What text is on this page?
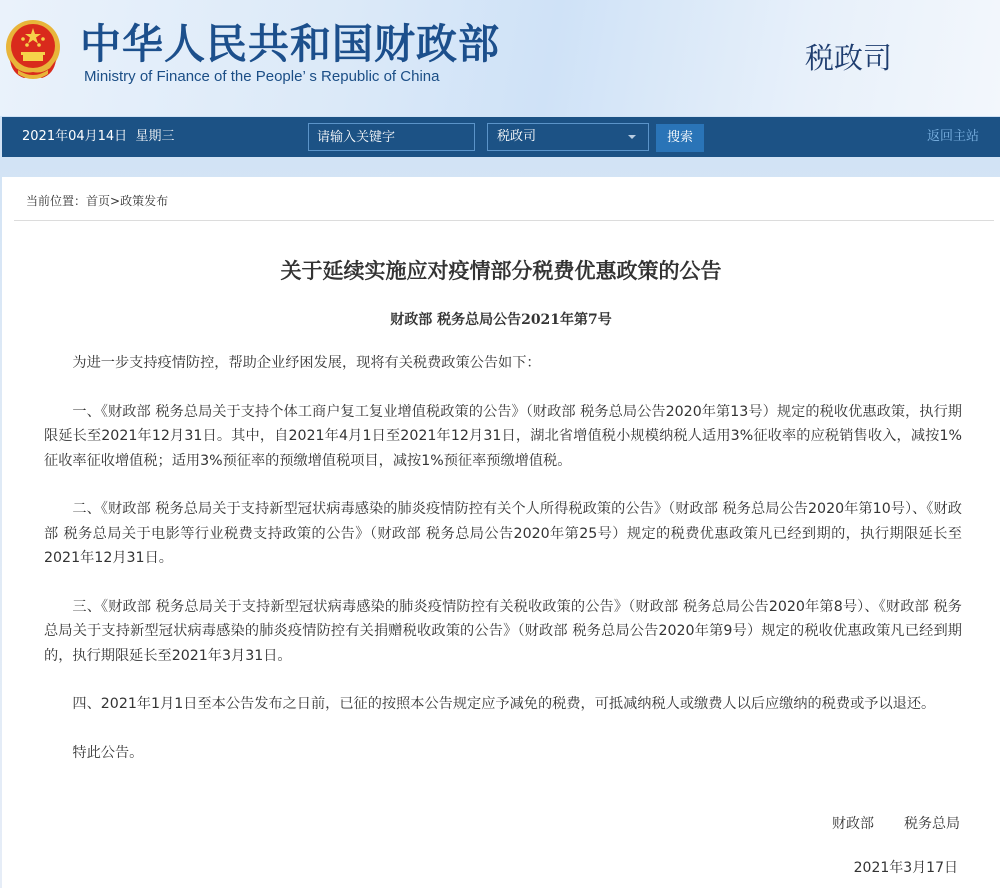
中华人民共和国财政部
Ministry of Finance of the People’ s Republic of China
税政司
2021年04月14日 星期三
请输入关键字	税政司	搜索	返回主站
当前位置：首页>政策发布
关于延续实施应对疫情部分税费优惠政策的公告
财政部 税务总局公告2021年第7号

为进一步支持疫情防控，帮助企业纾困发展，现将有关税费政策公告如下：

一、《财政部 税务总局关于支持个体工商户复工复业增值税政策的公告》（财政部 税务总局公告2020年第13号）规定的税收优惠政策，执行期限延长至2021年12月31日。其中，自2021年4月1日至2021年12月31日，湖北省增值税小规模纳税人适用3%征收率的应税销售收入，减按1%征收率征收增值税；适用3%预征率的预缴增值税项目，减按1%预征率预缴增值税。

二、《财政部 税务总局关于支持新型冠状病毒感染的肺炎疫情防控有关个人所得税政策的公告》（财政部 税务总局公告2020年第10号）、《财政部 税务总局关于电影等行业税费支持政策的公告》（财政部 税务总局公告2020年第25号）规定的税费优惠政策凡已经到期的，执行期限延长至2021年12月31日。

三、《财政部 税务总局关于支持新型冠状病毒感染的肺炎疫情防控有关税收政策的公告》（财政部 税务总局公告2020年第8号）、《财政部 税务总局关于支持新型冠状病毒感染的肺炎疫情防控有关捐赠税收政策的公告》（财政部 税务总局公告2020年第9号）规定的税收优惠政策凡已经到期的，执行期限延长至2021年3月31日。

四、2021年1月1日至本公告发布之日前，已征的按照本公告规定应予减免的税费，可抵减纳税人或缴费人以后应缴纳的税费或予以退还。

特此公告。

财政部 税务总局
2021年3月17日
